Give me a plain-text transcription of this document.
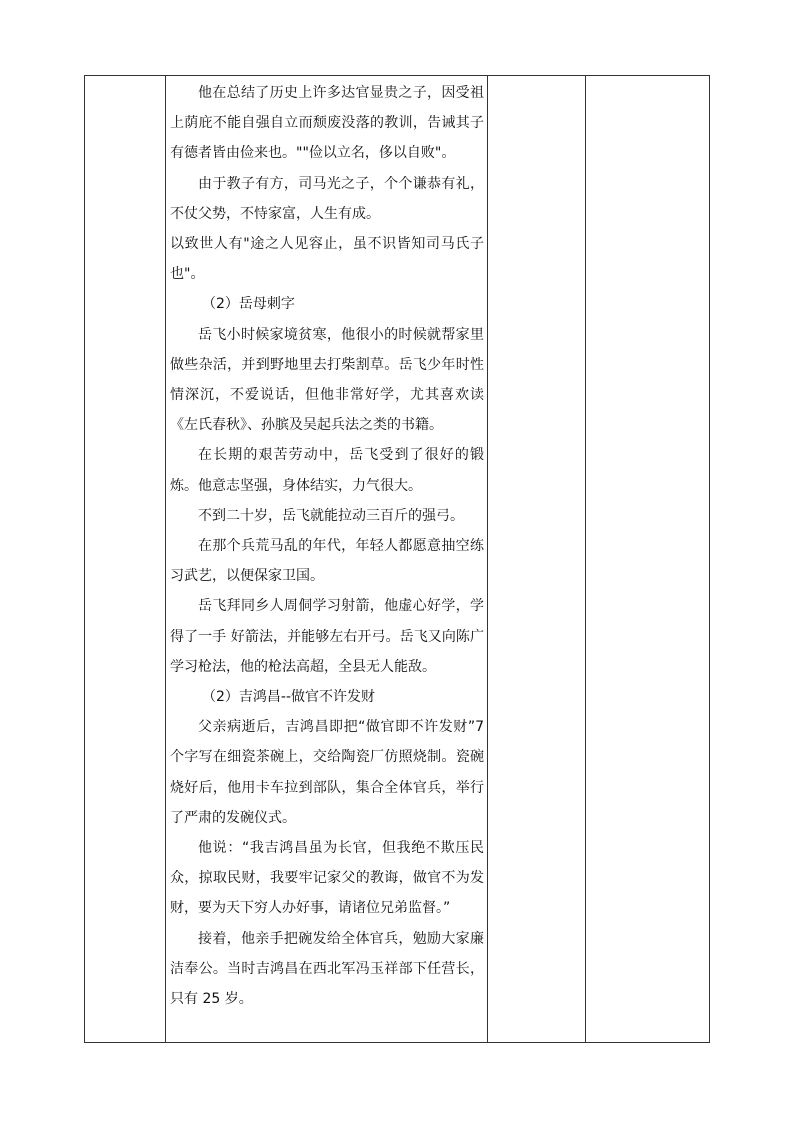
他在总结了历史上许多达官显贵之子，因受祖上荫庇不能自强自立而颓废没落的教训，告诫其子有德者皆由俭来也。""俭以立名，侈以自败"。

由于教子有方，司马光之子，个个谦恭有礼，不仗父势，不恃家富，人生有成。

以致世人有"途之人见容止，虽不识皆知司马氏子也"。

（2）岳母刺字

岳飞小时候家境贫寒，他很小的时候就帮家里做些杂活，并到野地里去打柴割草。岳飞少年时性情深沉，不爱说话，但他非常好学，尤其喜欢读《左氏春秋》、孙膑及吴起兵法之类的书籍。

在长期的艰苦劳动中，岳飞受到了很好的锻炼。他意志坚强，身体结实，力气很大。

不到二十岁，岳飞就能拉动三百斤的强弓。

在那个兵荒马乱的年代，年轻人都愿意抽空练习武艺，以便保家卫国。

岳飞拜同乡人周侗学习射箭，他虚心好学，学得了一手 好箭法，并能够左右开弓。岳飞又向陈广学习枪法，他的枪法高超，全县无人能敌。

（2）吉鸿昌--做官不许发财

父亲病逝后，吉鸿昌即把“做官即不许发财”7个字写在细瓷茶碗上，交给陶瓷厂仿照烧制。瓷碗烧好后，他用卡车拉到部队，集合全体官兵，举行了严肃的发碗仪式。

他说：“我吉鸿昌虽为长官，但我绝不欺压民众，掠取民财，我要牢记家父的教诲，做官不为发财，要为天下穷人办好事，请诸位兄弟监督。”

接着，他亲手把碗发给全体官兵，勉励大家廉洁奉公。当时吉鸿昌在西北军冯玉祥部下任营长，只有 25 岁。
